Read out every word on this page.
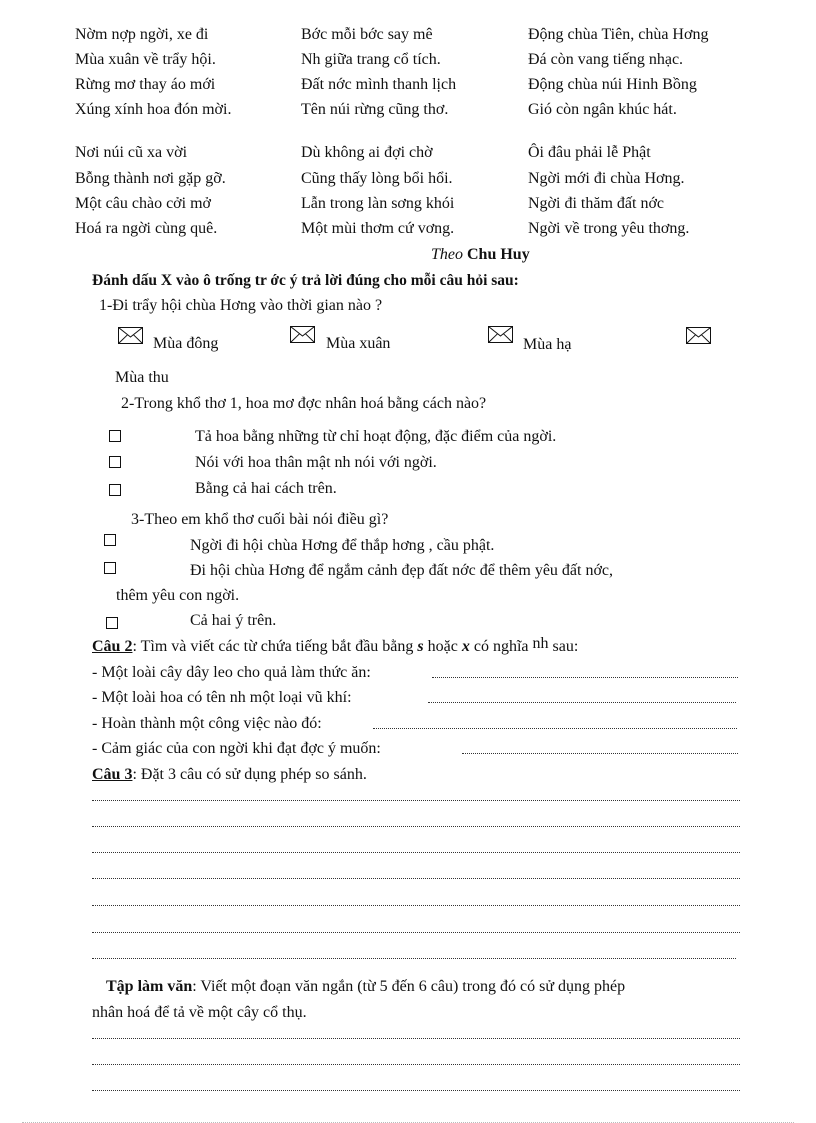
Nờm nợp ngời, xe đi	Bớc mỗi bớc say mê	Động chùa Tiên, chùa Hơng
Mùa xuân về trẩy hội.	Nh giữa trang cổ tích.	Đá còn vang tiếng nhạc.
Rừng mơ thay áo mới	Đất nớc mình thanh lịch	Động chùa núi Hinh Bồng
Xúng xính hoa đón mời.	Tên núi rừng cũng thơ.	Gió còn ngân khúc hát.
Nơi núi cũ xa vời	Dù không ai đợi chờ	Ôi đâu phải lễ Phật
Bỗng thành nơi gặp gỡ.	Cũng thấy lòng bổi hổi.	Ngời mới đi chùa Hơng.
Một câu chào cởi mở	Lẫn trong làn sơng khói	Ngời đi thăm đất nớc
Hoá ra ngời cùng quê.	Một mùi thơm cứ vơng.	Ngời về trong yêu thơng.
Theo Chu Huy
Đánh dấu X vào ô trống tr ớc ý trả lời đúng cho mỗi câu hỏi sau:
1-Đi trẩy hội chùa Hơng vào thời gian nào ?
Mùa đông	Mùa xuân	Mùa hạ
Mùa thu
2-Trong khổ thơ 1, hoa mơ đợc nhân hoá bằng cách nào?
Tả hoa bằng những từ chỉ hoạt động, đặc điểm của ngời.
Nói với hoa thân mật nh nói với ngời.
Bằng cả hai cách trên.
3-Theo em khổ thơ cuối bài nói điều gì?
Ngời đi hội chùa Hơng để thắp hơng , cầu phật.
Đi hội chùa Hơng để ngắm cảnh đẹp đất nớc để thêm yêu đất nớc,
thêm yêu con ngời.
Cả hai ý trên.
Câu 2: Tìm và viết các từ chứa tiếng bắt đầu bằng s hoặc x có nghĩa nh sau:
- Một loài cây dây leo cho quả làm thức ăn:
- Một loài hoa có tên nh một loại vũ khí:
- Hoàn thành một công việc nào đó:
- Cảm giác của con ngời khi đạt đợc ý muốn:
Câu 3: Đặt 3 câu có sử dụng phép so sánh.
Tập làm văn: Viết một đoạn văn ngắn (từ 5 đến 6 câu) trong đó có sử dụng phép
nhân hoá để tả về một cây cổ thụ.
